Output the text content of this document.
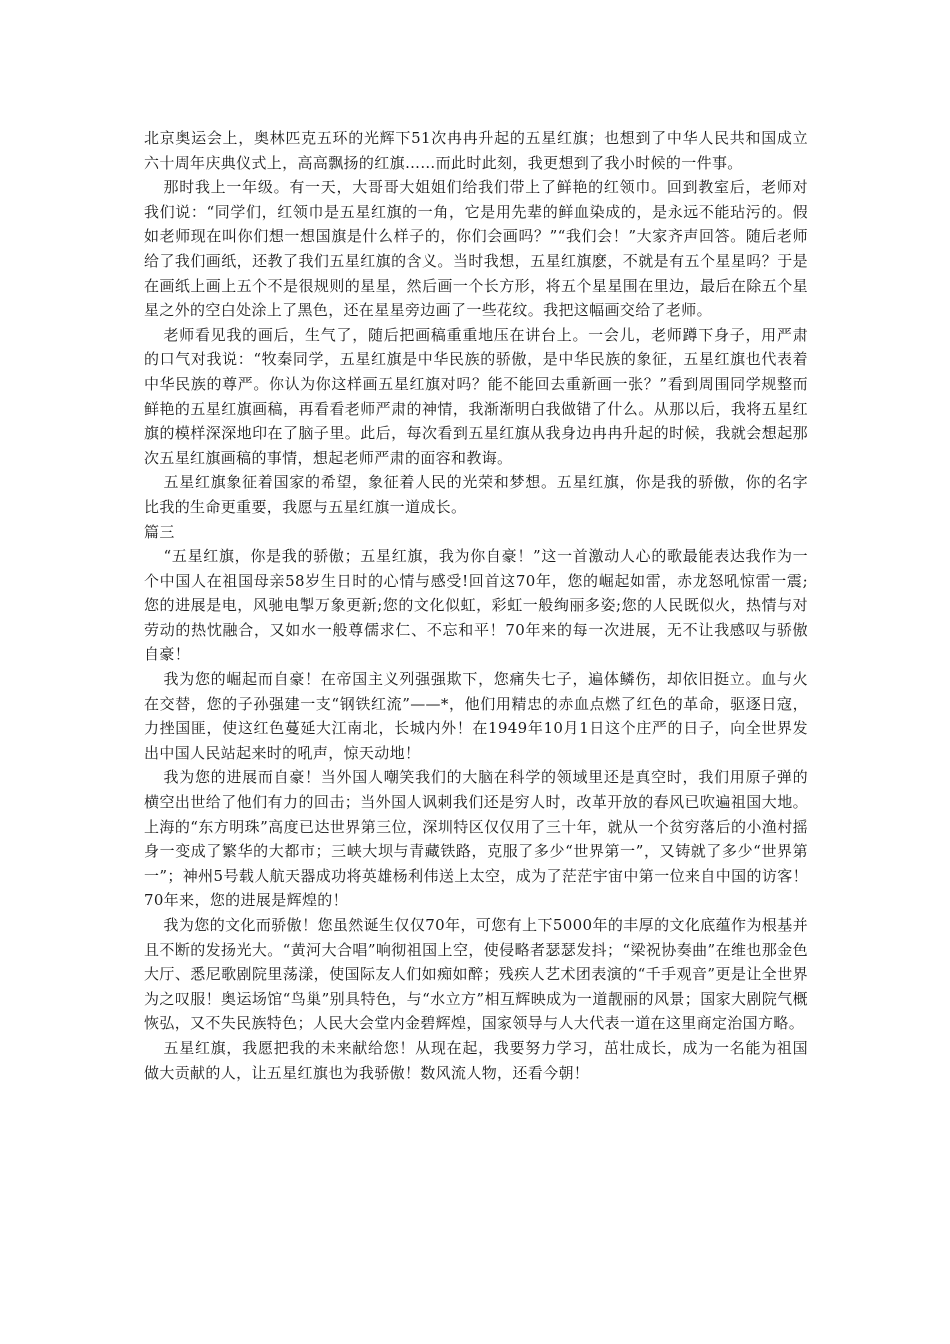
北京奥运会上，奥林匹克五环的光辉下51次冉冉升起的五星红旗；也想到了中华人民共和国成立六十周年庆典仪式上，高高飘扬的红旗……而此时此刻，我更想到了我小时候的一件事。

那时我上一年级。有一天，大哥哥大姐姐们给我们带上了鲜艳的红领巾。回到教室后，老师对我们说：“同学们，红领巾是五星红旗的一角，它是用先辈的鲜血染成的，是永远不能玷污的。假如老师现在叫你们想一想国旗是什么样子的，你们会画吗？”“我们会！”大家齐声回答。随后老师给了我们画纸，还教了我们五星红旗的含义。当时我想，五星红旗麽，不就是有五个星星吗？于是在画纸上画上五个不是很规则的星星，然后画一个长方形，将五个星星围在里边，最后在除五个星星之外的空白处涂上了黑色，还在星星旁边画了一些花纹。我把这幅画交给了老师。

老师看见我的画后，生气了，随后把画稿重重地压在讲台上。一会儿，老师蹲下身子，用严肃的口气对我说：“牧秦同学，五星红旗是中华民族的骄傲，是中华民族的象征，五星红旗也代表着中华民族的尊严。你认为你这样画五星红旗对吗？能不能回去重新画一张？”看到周围同学规整而鲜艳的五星红旗画稿，再看看老师严肃的神情，我渐渐明白我做错了什么。从那以后，我将五星红旗的模样深深地印在了脑子里。此后，每次看到五星红旗从我身边冉冉升起的时候，我就会想起那次五星红旗画稿的事情，想起老师严肃的面容和教诲。

五星红旗象征着国家的希望，象征着人民的光荣和梦想。五星红旗，你是我的骄傲，你的名字比我的生命更重要，我愿与五星红旗一道成长。

篇三

“五星红旗，你是我的骄傲；五星红旗，我为你自豪！”这一首激动人心的歌最能表达我作为一个中国人在祖国母亲58岁生日时的心情与感受!回首这70年，您的崛起如雷，赤龙怒吼惊雷一震;您的进展是电，风驰电掣万象更新;您的文化似虹，彩虹一般绚丽多姿;您的人民既似火，热情与对劳动的热忱融合，又如水一般尊儒求仁、不忘和平！70年来的每一次进展，无不让我感叹与骄傲自豪！

我为您的崛起而自豪！在帝国主义列强强欺下，您痛失七子，遍体鳞伤，却依旧挺立。血与火在交替，您的子孙强建一支“钢铁红流”——*，他们用精忠的赤血点燃了红色的革命，驱逐日寇，力挫国匪，使这红色蔓延大江南北，长城内外！在1949年10月1日这个庄严的日子，向全世界发出中国人民站起来时的吼声，惊天动地！

我为您的进展而自豪！当外国人嘲笑我们的大脑在科学的领域里还是真空时，我们用原子弹的横空出世给了他们有力的回击；当外国人讽刺我们还是穷人时，改革开放的春风已吹遍祖国大地。上海的“东方明珠”高度已达世界第三位，深圳特区仅仅用了三十年，就从一个贫穷落后的小渔村摇身一变成了繁华的大都市；三峡大坝与青藏铁路，克服了多少“世界第一”，又铸就了多少“世界第一”；神州5号载人航天器成功将英雄杨利伟送上太空，成为了茫茫宇宙中第一位来自中国的访客！70年来，您的进展是辉煌的！

我为您的文化而骄傲！您虽然诞生仅仅70年，可您有上下5000年的丰厚的文化底蕴作为根基并且不断的发扬光大。“黄河大合唱”响彻祖国上空，使侵略者瑟瑟发抖；“梁祝协奏曲”在维也那金色大厅、悉尼歌剧院里荡漾，使国际友人们如痴如醉；残疾人艺术团表演的“千手观音”更是让全世界为之叹服！奥运场馆“鸟巢”别具特色，与“水立方”相互辉映成为一道靓丽的风景；国家大剧院气概恢弘，又不失民族特色；人民大会堂内金碧辉煌，国家领导与人大代表一道在这里商定治国方略。

五星红旗，我愿把我的未来献给您！从现在起，我要努力学习，茁壮成长，成为一名能为祖国做大贡献的人，让五星红旗也为我骄傲！数风流人物，还看今朝！
